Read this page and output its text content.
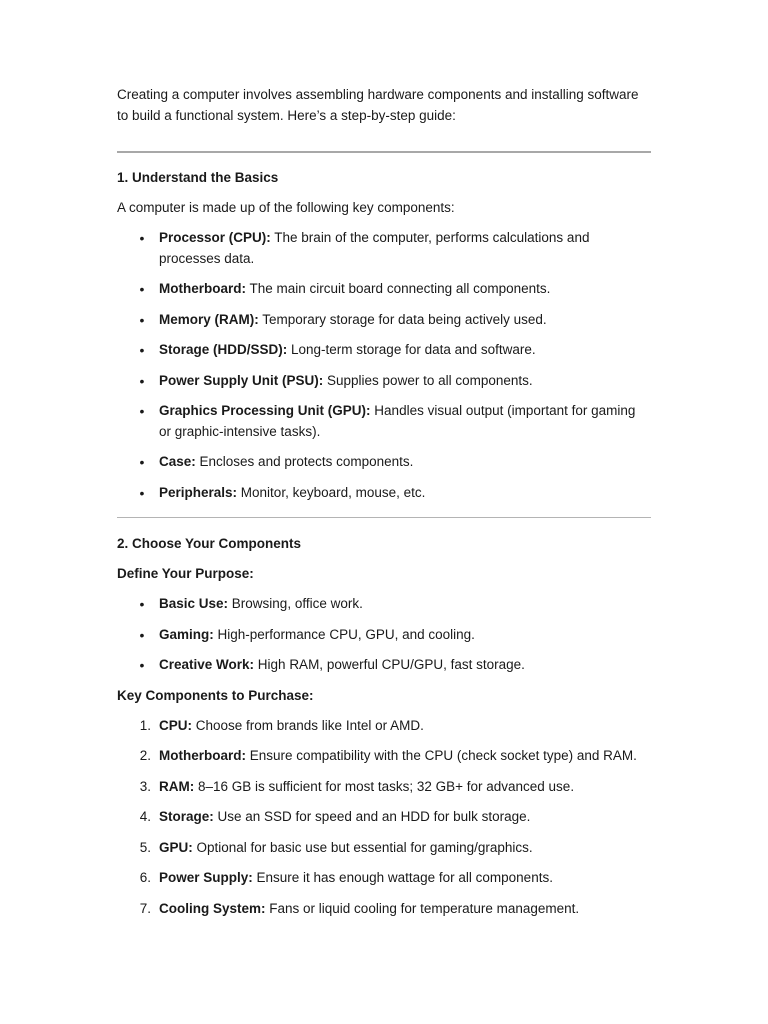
Creating a computer involves assembling hardware components and installing software to build a functional system. Here’s a step-by-step guide:

1. Understand the Basics

A computer is made up of the following key components:

• Processor (CPU): The brain of the computer, performs calculations and processes data.
• Motherboard: The main circuit board connecting all components.
• Memory (RAM): Temporary storage for data being actively used.
• Storage (HDD/SSD): Long-term storage for data and software.
• Power Supply Unit (PSU): Supplies power to all components.
• Graphics Processing Unit (GPU): Handles visual output (important for gaming or graphic-intensive tasks).
• Case: Encloses and protects components.
• Peripherals: Monitor, keyboard, mouse, etc.

2. Choose Your Components

Define Your Purpose:

• Basic Use: Browsing, office work.
• Gaming: High-performance CPU, GPU, and cooling.
• Creative Work: High RAM, powerful CPU/GPU, fast storage.

Key Components to Purchase:

1. CPU: Choose from brands like Intel or AMD.
2. Motherboard: Ensure compatibility with the CPU (check socket type) and RAM.
3. RAM: 8–16 GB is sufficient for most tasks; 32 GB+ for advanced use.
4. Storage: Use an SSD for speed and an HDD for bulk storage.
5. GPU: Optional for basic use but essential for gaming/graphics.
6. Power Supply: Ensure it has enough wattage for all components.
7. Cooling System: Fans or liquid cooling for temperature management.
